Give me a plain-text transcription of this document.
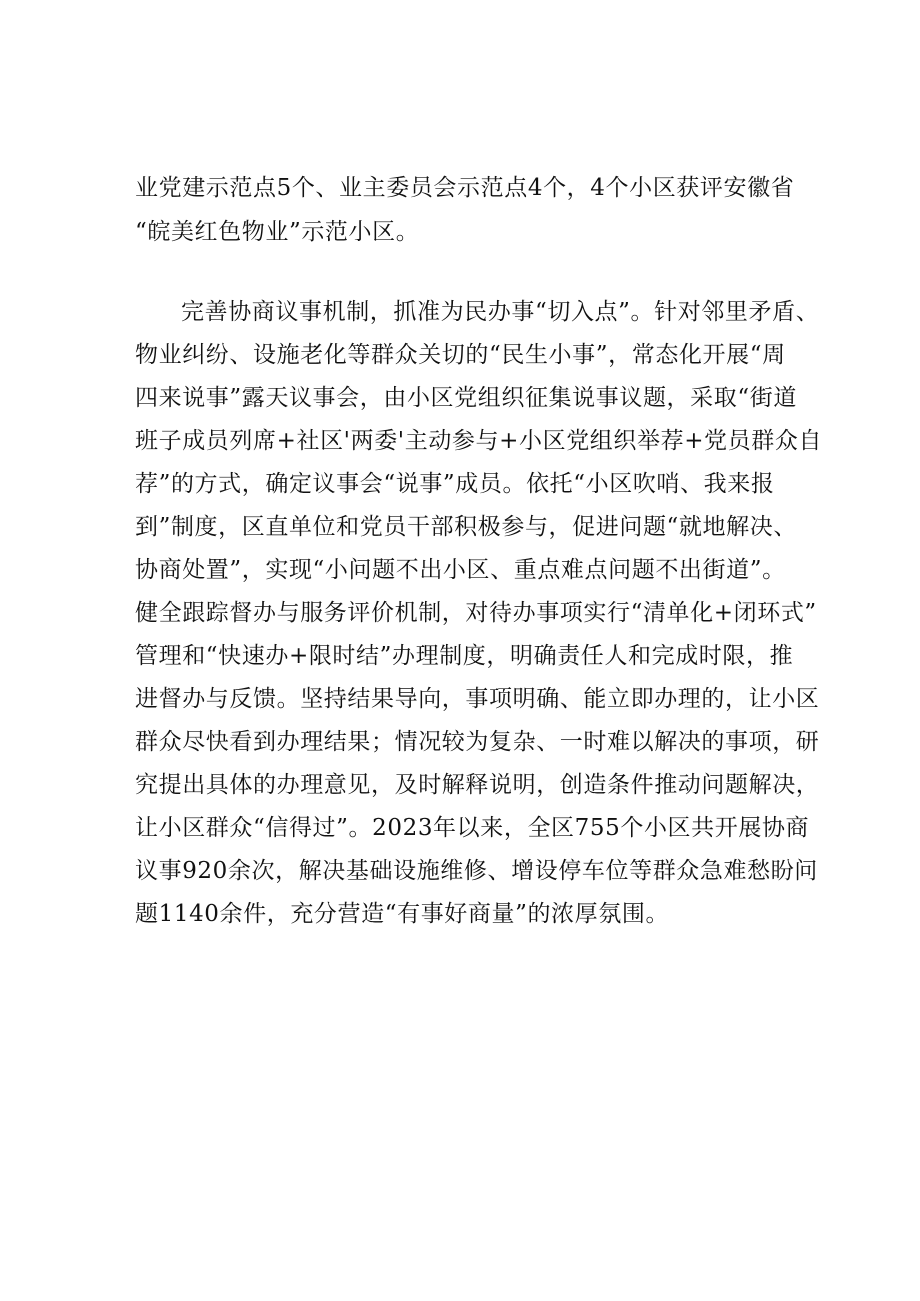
业党建示范点5个、业主委员会示范点4个，4个小区获评安徽省
“皖美红色物业”示范小区。
完善协商议事机制，抓准为民办事“切入点”。针对邻里矛盾、
物业纠纷、设施老化等群众关切的“民生小事”，常态化开展“周
四来说事”露天议事会，由小区党组织征集说事议题，采取“街道
班子成员列席+社区'两委'主动参与+小区党组织举荐+党员群众自
荐”的方式，确定议事会“说事”成员。依托“小区吹哨、我来报
到”制度，区直单位和党员干部积极参与，促进问题“就地解决、
协商处置”，实现“小问题不出小区、重点难点问题不出街道”。
健全跟踪督办与服务评价机制，对待办事项实行“清单化+闭环式”
管理和“快速办+限时结”办理制度，明确责任人和完成时限，推
进督办与反馈。坚持结果导向，事项明确、能立即办理的，让小区
群众尽快看到办理结果；情况较为复杂、一时难以解决的事项，研
究提出具体的办理意见，及时解释说明，创造条件推动问题解决，
让小区群众“信得过”。2023年以来，全区755个小区共开展协商
议事920余次，解决基础设施维修、增设停车位等群众急难愁盼问
题1140余件，充分营造“有事好商量”的浓厚氛围。
